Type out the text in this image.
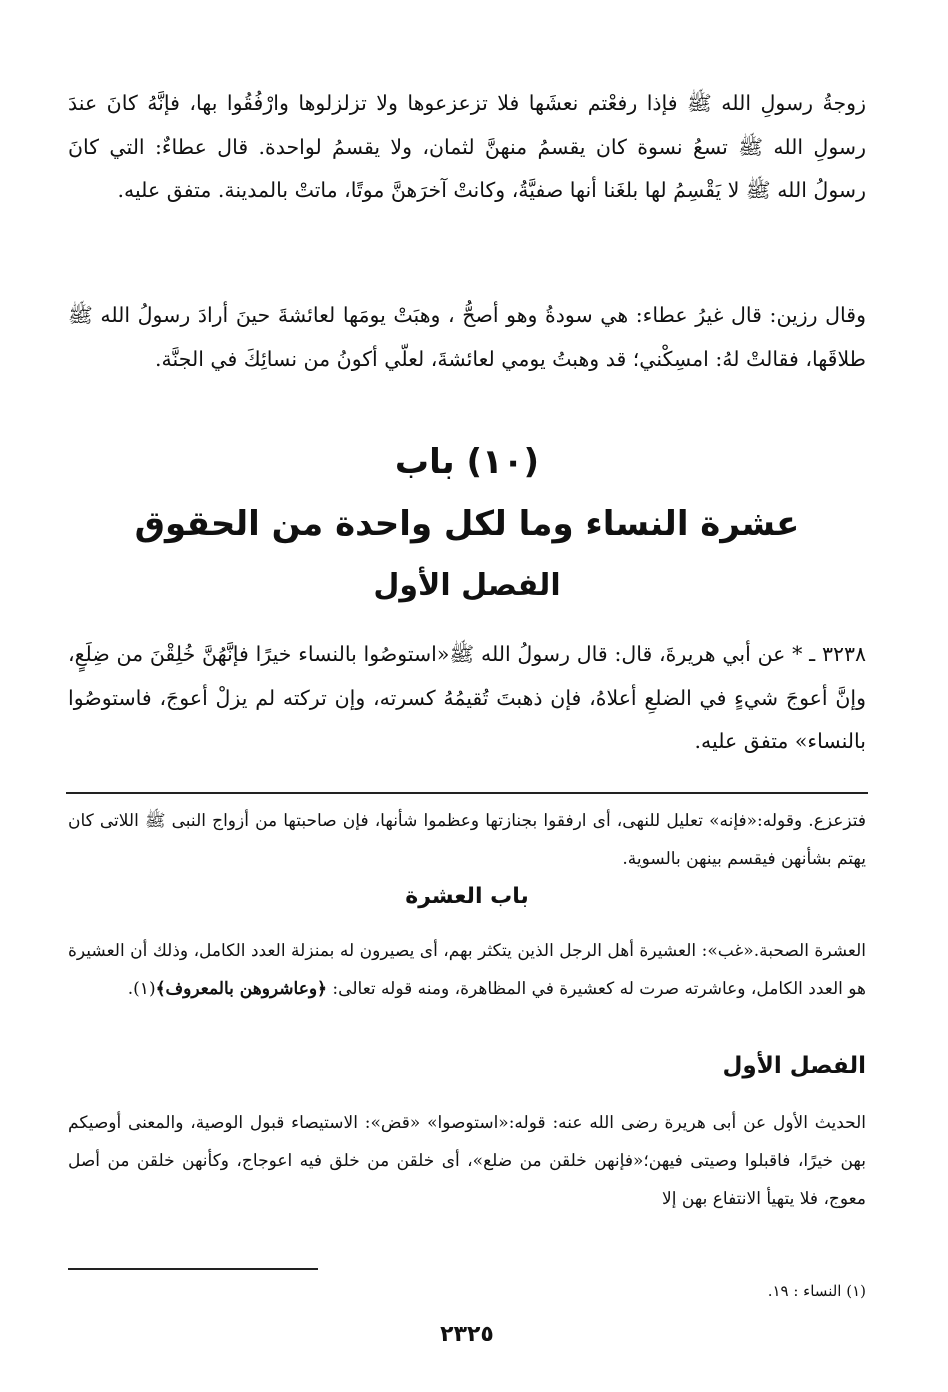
زوجةُ رسولِ الله ﷺ فإذا رفعْتم نعشَها فلا تزعزعوها ولا تزلزلوها وارْفُقُوا بها، فإنَّهُ كانَ عندَ رسولِ الله ﷺ تسعُ نسوة كان يقسمُ منهنَّ لثمان، ولا يقسمُ لواحدة. قال عطاءٌ: التي كانَ رسولُ الله ﷺ لا يَقْسِمُ لها بلغَنا أنها صفيَّةُ، وكانتْ آخرَهنَّ موتًا، ماتتْ بالمدينة. متفق عليه.

وقال رزين: قال غيرُ عطاء: هي سودةُ وهو أصحُّ ، وهبَتْ يومَها لعائشةَ حينَ أرادَ رسولُ الله ﷺ طلاقَها، فقالتْ لهُ: امسِكْني؛ قد وهبتُ يومي لعائشةَ، لعلّي أكونُ من نسائِكَ في الجنَّة.

(١٠) باب
عشرة النساء وما لكل واحدة من الحقوق
الفصل الأول

٣٢٣٨ ـ * عن أبي هريرةَ، قال: قال رسولُ الله ﷺ«استوصُوا بالنساء خيرًا فإنَّهُنَّ خُلِقْنَ من ضِلَعٍ، وإنَّ أعوجَ شيءٍ في الضلعِ أعلاهُ، فإن ذهبتَ تُقيمُهُ كسرته، وإن تركته لم يزلْ أعوجَ، فاستوصُوا بالنساء» متفق عليه.

فتزعزع. وقوله:«فإنه» تعليل للنهى، أى ارفقوا بجنازتها وعظموا شأنها، فإن صاحبتها من أزواج النبى ﷺ اللاتى كان يهتم بشأنهن فيقسم بينهن بالسوية.

باب العشرة

العشرة الصحبة.«غب»: العشيرة أهل الرجل الذين يتكثر بهم، أى يصيرون له بمنزلة العدد الكامل، وذلك أن العشيرة هو العدد الكامل، وعاشرته صرت له كعشيرة في المظاهرة، ومنه قوله تعالى: ﴿وعاشروهن بالمعروف﴾(١).

الفصل الأول

الحديث الأول عن أبى هريرة رضى الله عنه: قوله:«استوصوا» «قض»: الاستيصاء قبول الوصية، والمعنى أوصيكم بهن خيرًا، فاقبلوا وصيتى فيهن؛«فإنهن خلقن من ضلع»، أى خلقن من خلق فيه اعوجاج، وكأنهن خلقن من أصل معوج، فلا يتهيأ الانتفاع بهن إلا

(١) النساء : ١٩.
٢٣٢٥
